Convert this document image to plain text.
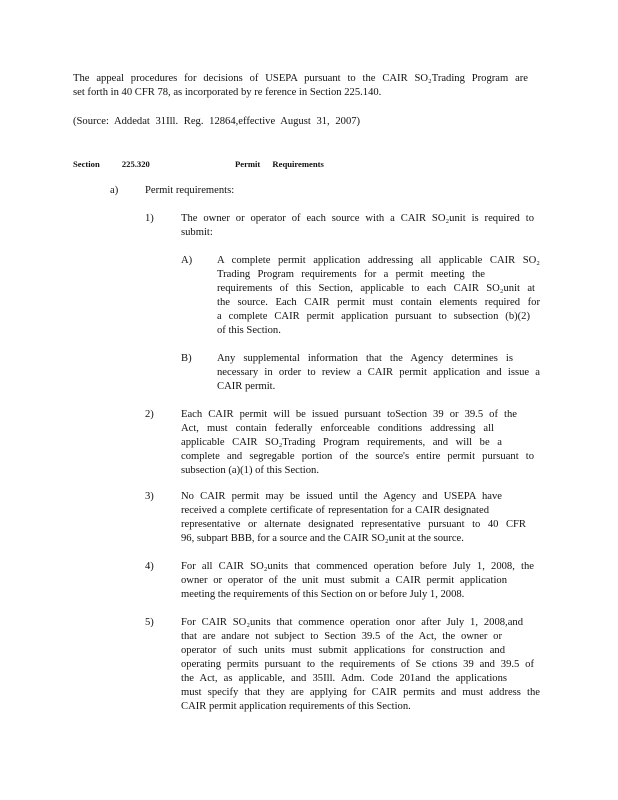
The appeal procedures for decisions of USEPA pursuant to the CAIR SO₂Trading Program are
set forth in 40 CFR 78, as incorporated by re ference in Section 225.140.
(Source: Addedat 31Ill. Reg. 12864,effective August 31, 2007)
Section 225.320	Permit Requirements
a)	Permit requirements:
1)	The owner or operator of each source with a CAIR SO₂unit is required to
submit:
A) A complete permit application addressing all applicable CAIR SO₂
Trading Program requirements for a permit meeting the
requirements of this Section, applicable to each CAIR SO₂unit at
the source. Each CAIR permit must contain elements required for
a complete CAIR permit application pursuant to subsection (b)(2)
of this Section.
B) Any supplemental information that the Agency determines is
necessary in order to review a CAIR permit application and issue a
CAIR permit.
2)	Each CAIR permit will be issued pursuant toSection 39 or 39.5 of the
Act, must contain federally enforceable conditions addressing all
applicable CAIR SO₂Trading Program requirements, and will be a
complete and segregable portion of the source's entire permit pursuant to
subsection (a)(1) of this Section.
3)	No CAIR permit may be issued until the Agency and USEPA have
received a complete certificate of representation for a CAIR designated
representative or alternate designated representative pursuant to 40 CFR
96, subpart BBB, for a source and the CAIR SO₂unit at the source.
4)	For all CAIR SO₂units that commenced operation before July 1, 2008, the
owner or operator of the unit must submit a CAIR permit application
meeting the requirements of this Section on or before July 1, 2008.
5)	For CAIR SO₂units that commence operation onor after July 1, 2008,and
that are andare not subject to Section 39.5 of the Act, the owner or
operator of such units must submit applications for construction and
operating permits pursuant to the requirements of Se ctions 39 and 39.5 of
the Act, as applicable, and 35Ill. Adm. Code 201and the applications
must specify that they are applying for CAIR permits and must address the
CAIR permit application requirements of this Section.
